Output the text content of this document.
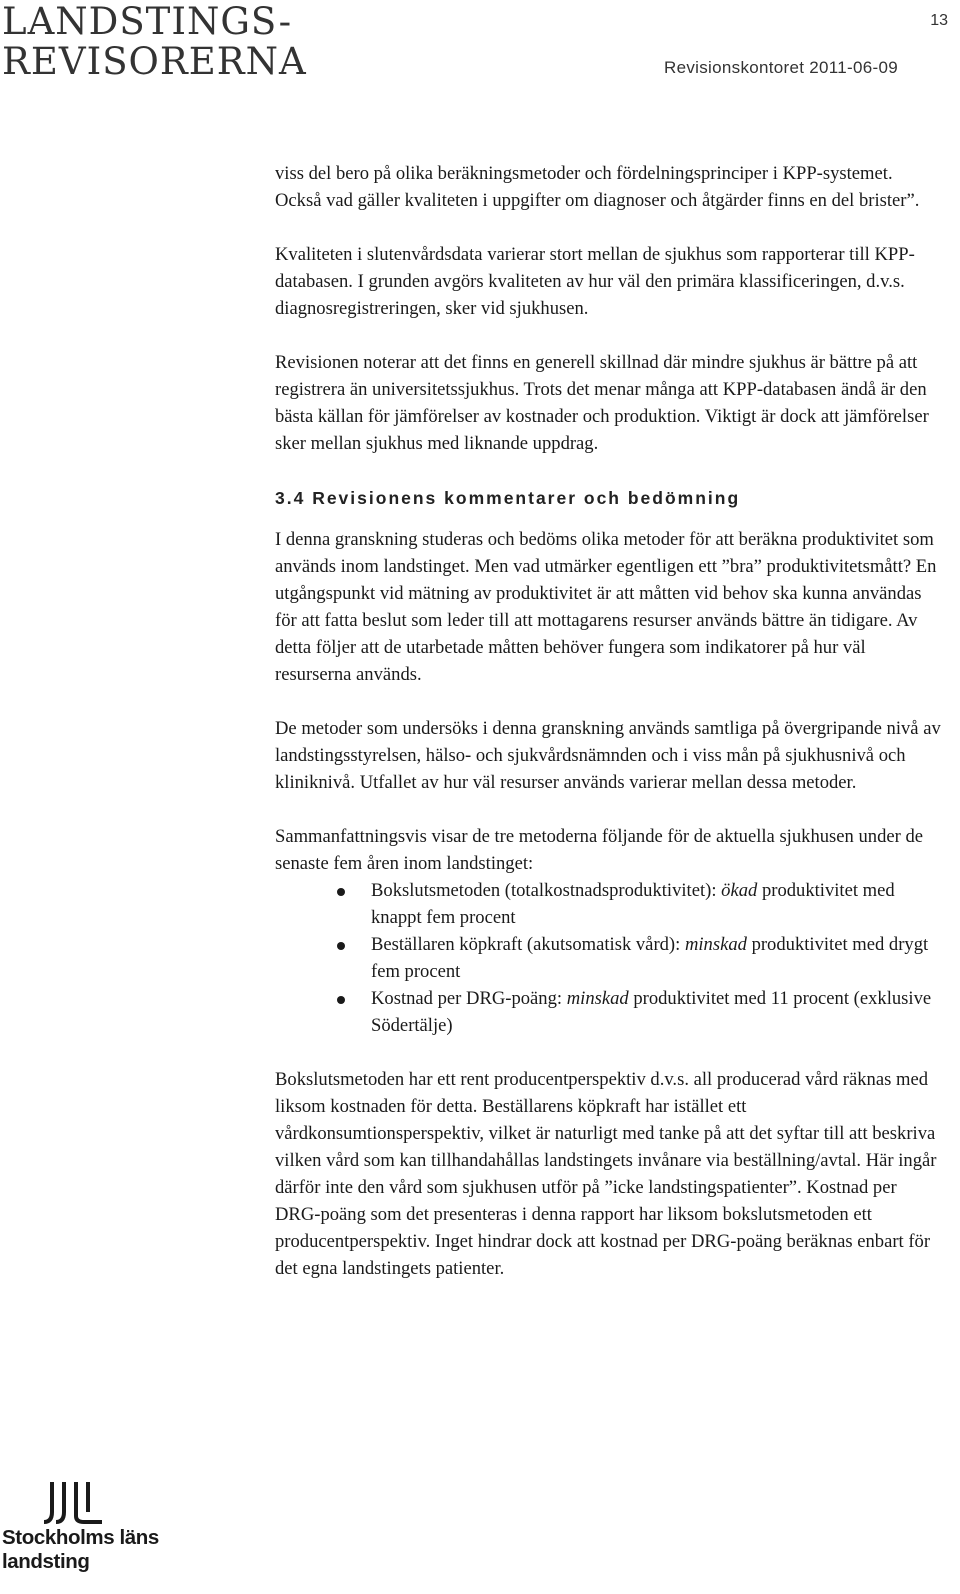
LANDSTINGS-
REVISORERNA
13
Revisionskontoret 2011-06-09

viss del bero på olika beräkningsmetoder och fördelningsprinciper i KPP-systemet. Också vad gäller kvaliteten i uppgifter om diagnoser och åtgärder finns en del brister”.

Kvaliteten i slutenvårdsdata varierar stort mellan de sjukhus som rapporterar till KPP-databasen. I grunden avgörs kvaliteten av hur väl den primära klassificeringen, d.v.s. diagnosregistreringen, sker vid sjukhusen.

Revisionen noterar att det finns en generell skillnad där mindre sjukhus är bättre på att registrera än universitetssjukhus. Trots det menar många att KPP-databasen ändå är den bästa källan för jämförelser av kostnader och produktion. Viktigt är dock att jämförelser sker mellan sjukhus med liknande uppdrag.

3.4 Revisionens kommentarer och bedömning

I denna granskning studeras och bedöms olika metoder för att beräkna produktivitet som används inom landstinget. Men vad utmärker egentligen ett ”bra” produktivitetsmått? En utgångspunkt vid mätning av produktivitet är att måtten vid behov ska kunna användas för att fatta beslut som leder till att mottagarens resurser används bättre än tidigare. Av detta följer att de utarbetade måtten behöver fungera som indikatorer på hur väl resurserna används.

De metoder som undersöks i denna granskning används samtliga på övergripande nivå av landstingsstyrelsen, hälso- och sjukvårdsnämnden och i viss mån på sjukhusnivå och kliniknivå. Utfallet av hur väl resurser används varierar mellan dessa metoder.

Sammanfattningsvis visar de tre metoderna följande för de aktuella sjukhusen under de senaste fem åren inom landstinget:

Bokslutsmetoden (totalkostnadsproduktivitet): ökad produktivitet med knappt fem procent
Beställaren köpkraft (akutsomatisk vård): minskad produktivitet med drygt fem procent
Kostnad per DRG-poäng: minskad produktivitet med 11 procent (exklusive Södertälje)

Bokslutsmetoden har ett rent producentperspektiv d.v.s. all producerad vård räknas med liksom kostnaden för detta. Beställarens köpkraft har istället ett vårdkonsumtionsperspektiv, vilket är naturligt med tanke på att det syftar till att beskriva vilken vård som kan tillhandahållas landstingets invånare via beställning/avtal. Här ingår därför inte den vård som sjukhusen utför på ”icke landstingspatienter”. Kostnad per DRG-poäng som det presenteras i denna rapport har liksom bokslutsmetoden ett producentperspektiv. Inget hindrar dock att kostnad per DRG-poäng beräknas enbart för det egna landstingets patienter.

Stockholms läns
landsting
